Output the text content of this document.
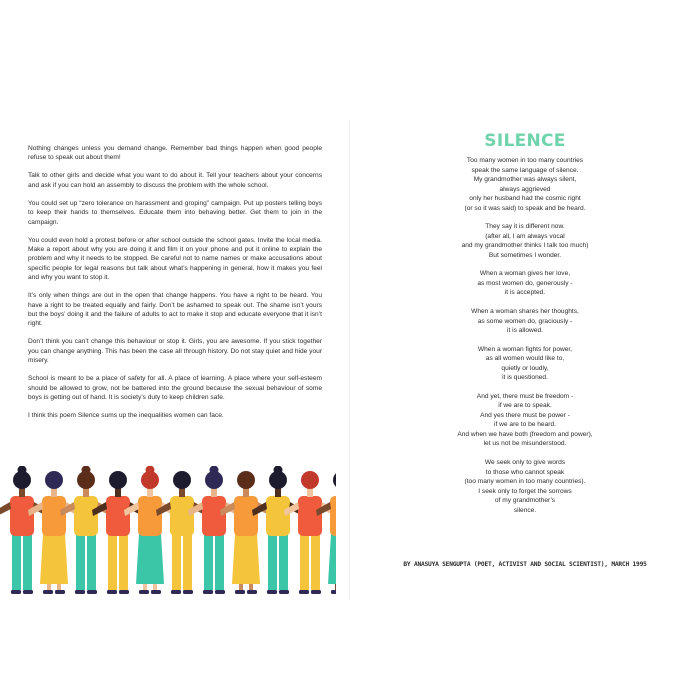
Nothing changes unless you demand change. Remember bad things happen when good people refuse to speak out about them!

Talk to other girls and decide what you want to do about it. Tell your teachers about your concerns and ask if you can hold an assembly to discuss the problem with the whole school.

You could set up “zero tolerance on harassment and groping” campaign. Put up posters telling boys to keep their hands to themselves. Educate them into behaving better. Get them to join in the campaign.

You could even hold a protest before or after school outside the school gates. Invite the local media. Make a report about why you are doing it and film it on your phone and put it online to explain the problem and why it needs to be stopped. Be careful not to name names or make accusations about specific people for legal reasons but talk about what’s happening in general, how it makes you feel and why you want to stop it.

It’s only when things are out in the open that change happens. You have a right to be heard. You have a right to be treated equally and fairly. Don’t be ashamed to speak out. The shame isn’t yours but the boys’ doing it and the failure of adults to act to make it stop and educate everyone that it isn’t right.

Don’t think you can’t change this behaviour or stop it. Girls, you are awesome. If you stick together you can change anything. This has been the case all through history. Do not stay quiet and hide your misery.

School is meant to be a place of safety for all. A place of learning. A place where your self-esteem should be allowed to grow, not be battered into the ground because the sexual behaviour of some boys is getting out of hand. It is society’s duty to keep children safe.

I think this poem Silence sums up the inequalities women can face.

SILENCE
Too many women in too many countries
speak the same language of silence.
My grandmother was always silent,
always aggrieved
only her husband had the cosmic right
(or so it was said) to speak and be heard.
They say it is different now.
(after all, I am always vocal
and my grandmother thinks I talk too much)
But sometimes I wonder.
When a woman gives her love,
as most women do, generously -
it is accepted.
When a woman shares her thoughts,
as some women do, graciously -
it is allowed.
When a woman fights for power,
as all women would like to,
quietly or loudly,
it is questioned.
And yet, there must be freedom -
if we are to speak.
And yes there must be power -
if we are to be heard.
And when we have both (freedom and power),
let us not be misunderstood.
We seek only to give words
to those who cannot speak
(too many women in too many countries).
I seek only to forget the sorrows
of my grandmother’s
silence.
BY ANASUYA SENGUPTA (POET, ACTIVIST AND SOCIAL SCIENTIST), MARCH 1995
